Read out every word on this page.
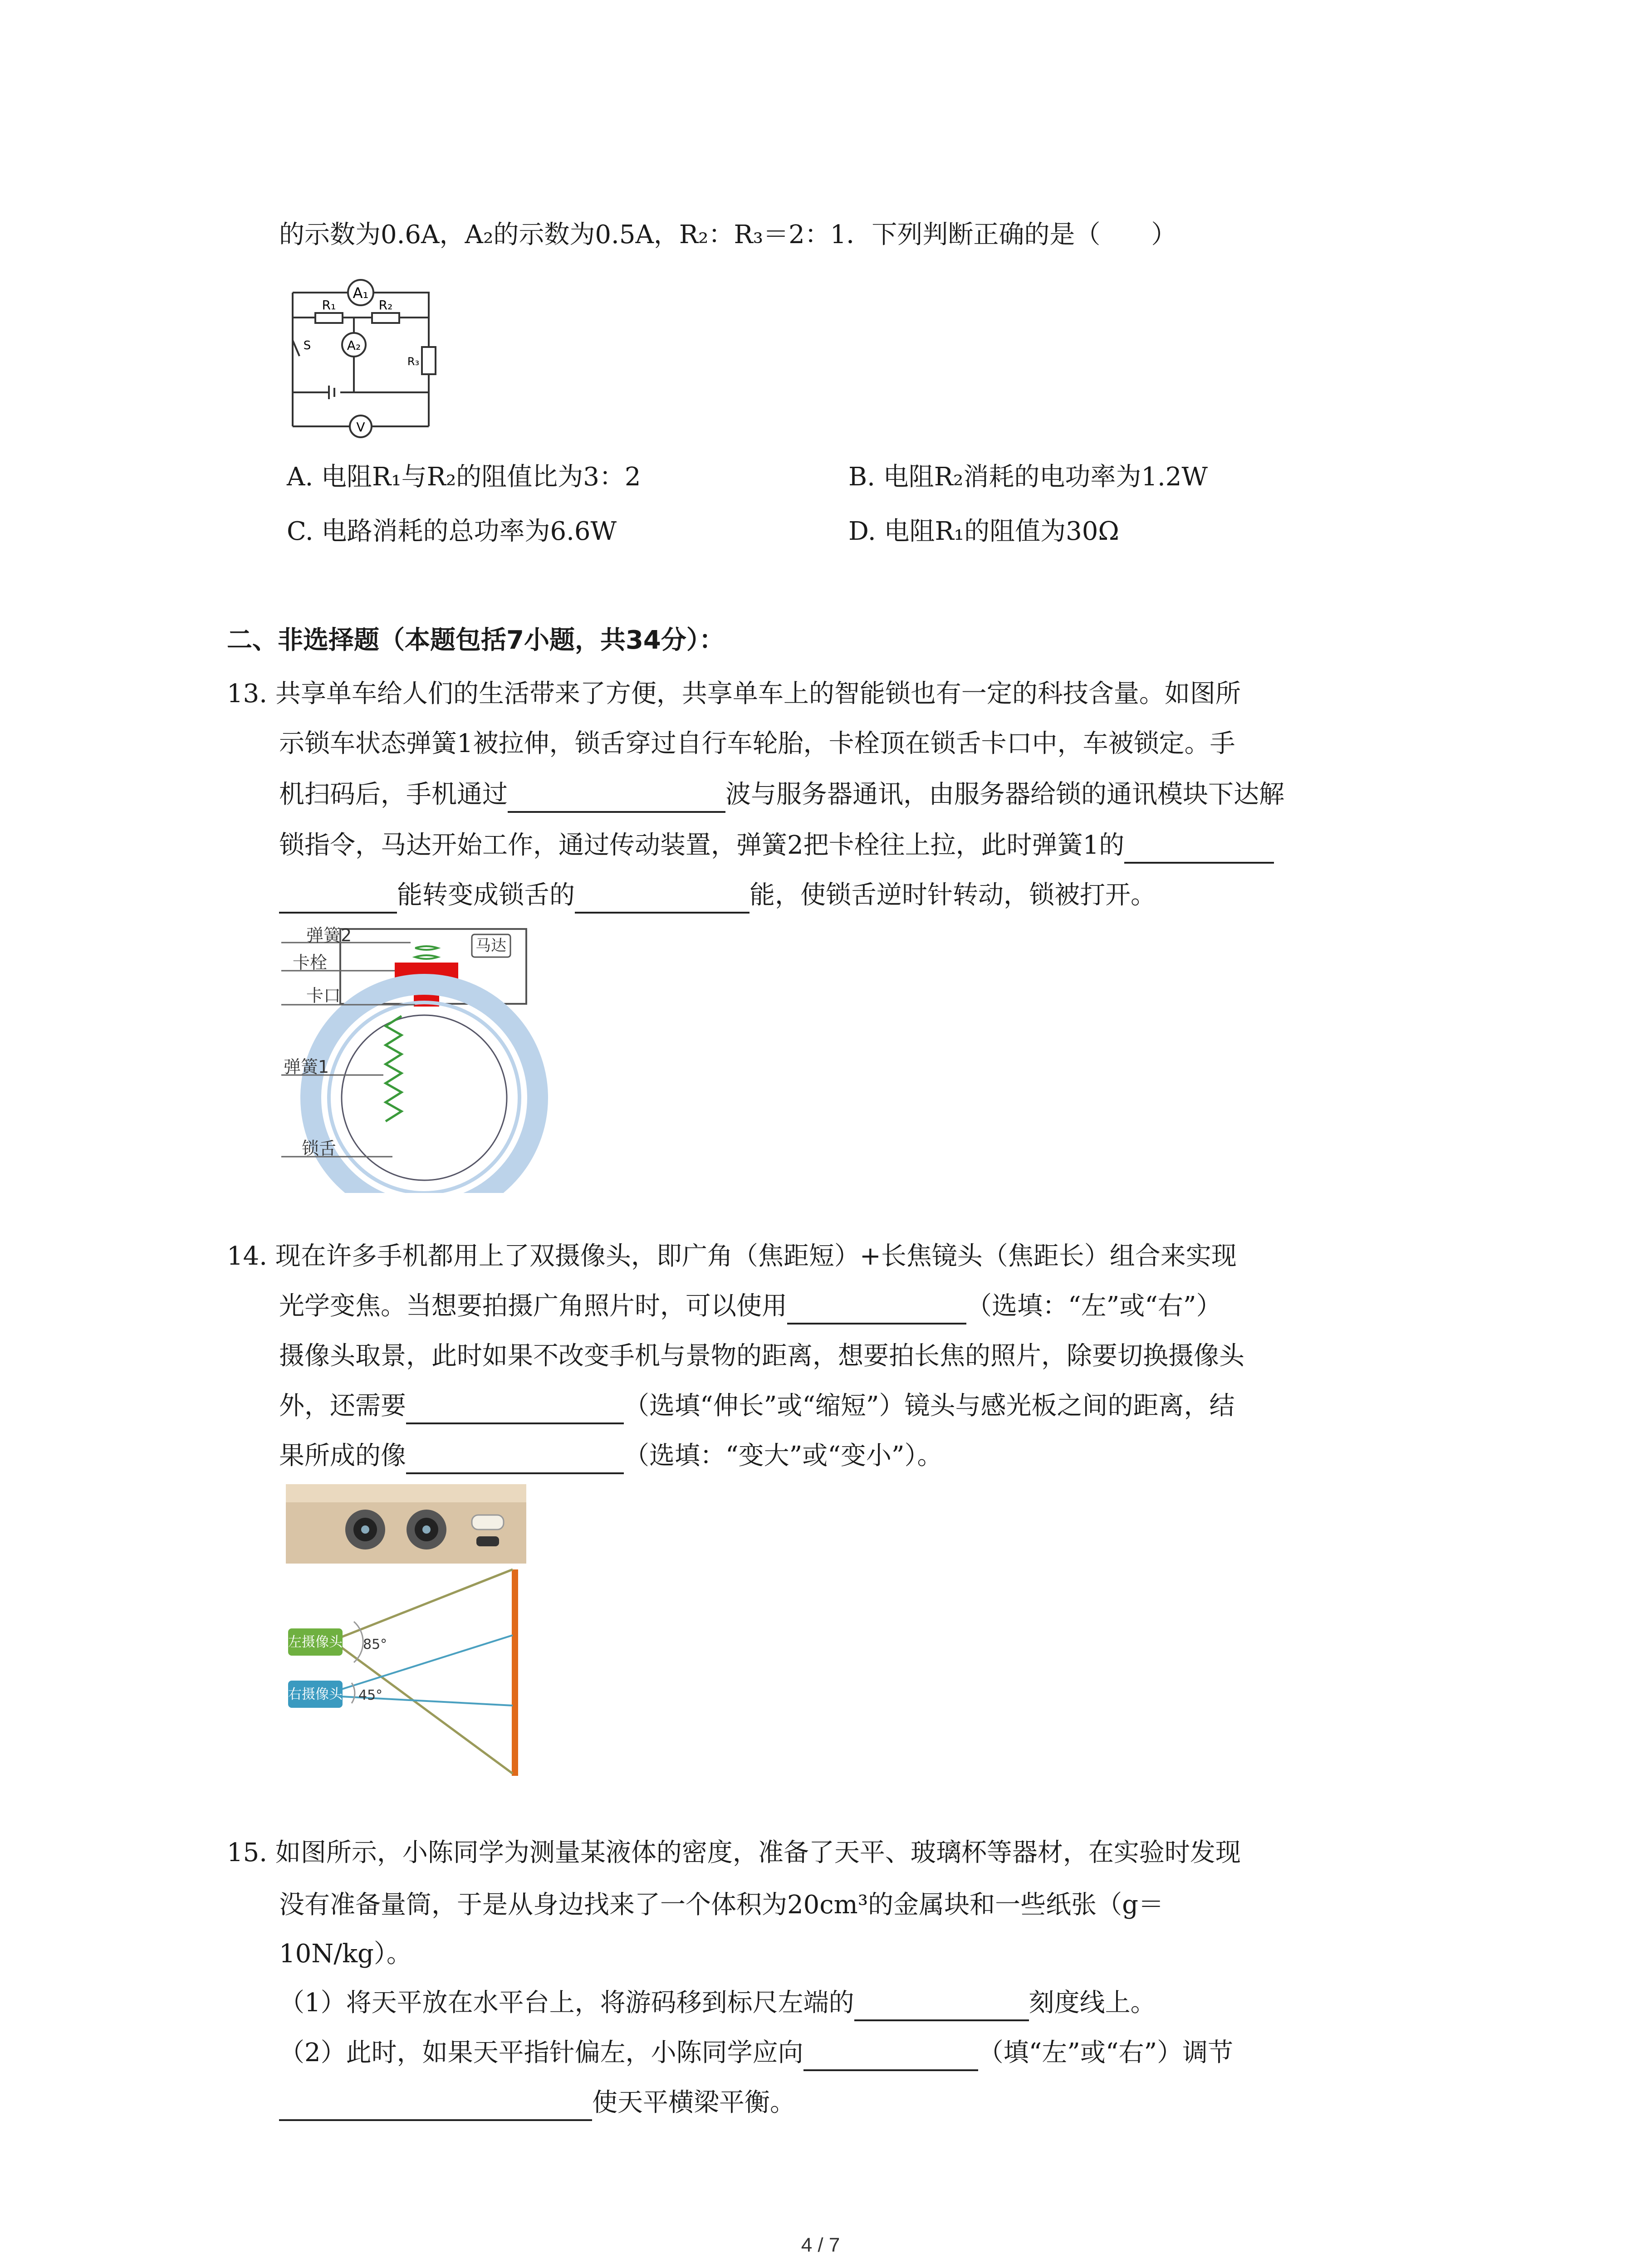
的示数为0.6A，A₂的示数为0.5A，R₂：R₃＝2：1．下列判断正确的是（　　）
A₁
A₂
V
R₁	R₂
R₃
S
A. 电阻R₁与R₂的阻值比为3：2	B. 电阻R₂消耗的电功率为1.2W
C. 电路消耗的总功率为6.6W	D. 电阻R₁的阻值为30Ω
二、非选择题（本题包括7小题，共34分）：
13. 共享单车给人们的生活带来了方便，共享单车上的智能锁也有一定的科技含量。如图所
示锁车状态弹簧1被拉伸，锁舌穿过自行车轮胎，卡栓顶在锁舌卡口中，车被锁定。手
机扫码后，手机通过	波与服务器通讯，由服务器给锁的通讯模块下达解
锁指令，马达开始工作，通过传动装置，弹簧2把卡栓往上拉，此时弹簧1的
能转变成锁舌的	能，使锁舌逆时针转动，锁被打开。
马达
弹簧2
卡栓
卡口
弹簧1
锁舌
14. 现在许多手机都用上了双摄像头，即广角（焦距短）+长焦镜头（焦距长）组合来实现
光学变焦。当想要拍摄广角照片时，可以使用	（选填：“左”或“右”）
摄像头取景，此时如果不改变手机与景物的距离，想要拍长焦的照片，除要切换摄像头
外，还需要	（选填“伸长”或“缩短”）镜头与感光板之间的距离，结
果所成的像	（选填：“变大”或“变小”）。
左摄像头
右摄像头
85°
45°
15. 如图所示，小陈同学为测量某液体的密度，准备了天平、玻璃杯等器材，在实验时发现
没有准备量筒，于是从身边找来了一个体积为20cm³的金属块和一些纸张（g＝
10N/kg）。
（1）将天平放在水平台上，将游码移到标尺左端的	刻度线上。
（2）此时，如果天平指针偏左，小陈同学应向	（填“左”或“右”）调节
使天平横梁平衡。
4 / 7
